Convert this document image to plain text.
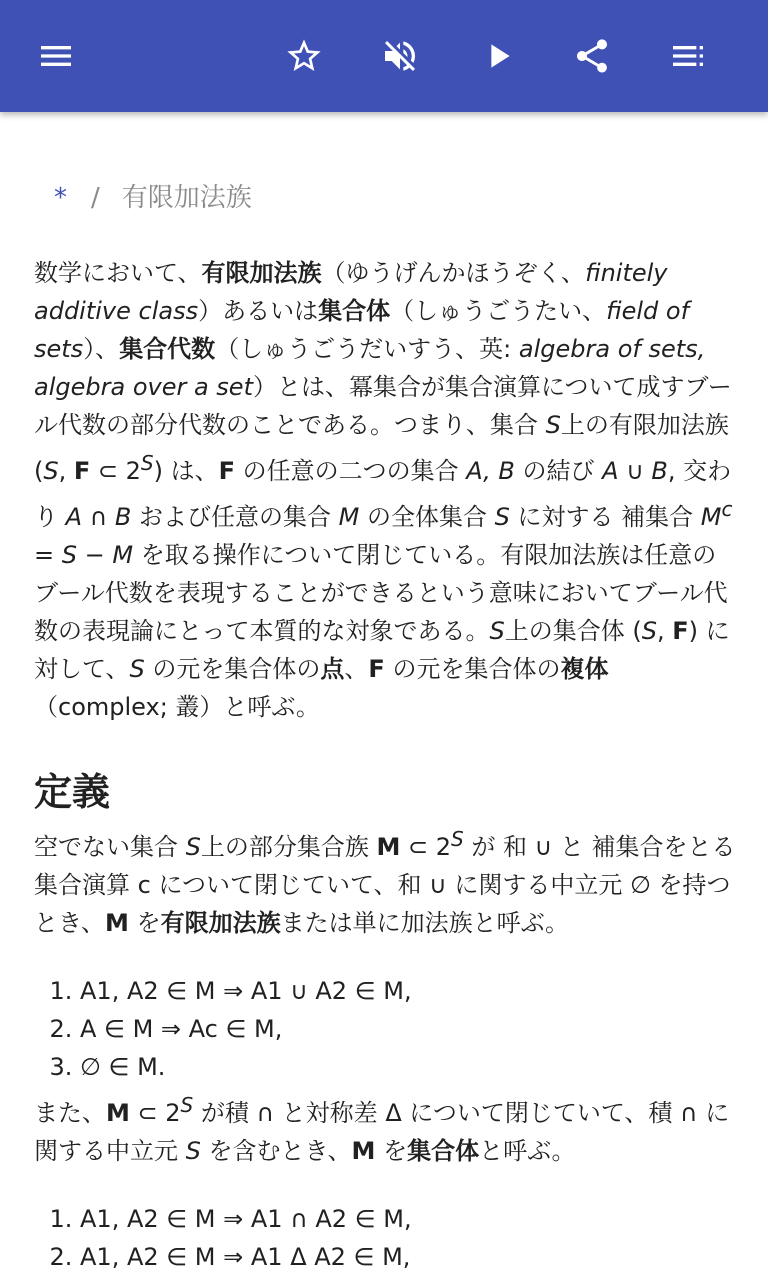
* / 有限加法族

数学において、有限加法族（ゆうげんかほうぞく、finitely additive class）あるいは集合体（しゅうごうたい、field of sets）、集合代数（しゅうごうだいすう、英: algebra of sets, algebra over a set）とは、冪集合が集合演算について成すブール代数の部分代数のことである。つまり、集合 S上の有限加法族 (S, F ⊂ $2^S$) は、F の任意の二つの集合 A, B の結び A ∪ B, 交わり A ∩ B および任意の集合 M の全体集合 S に対する 補集合 $M^c = S - M$ を取る操作について閉じている。有限加法族は任意のブール代数を表現することができるという意味においてブール代数の表現論にとって本質的な対象である。S上の集合体 (S, F) に対して、S の元を集合体の点、F の元を集合体の複体（complex; 叢）と呼ぶ。

定義

空でない集合 S上の部分集合族 M ⊂ $2^S$ が 和 ∪ と 補集合をとる集合演算 c について閉じていて、和 ∪ に関する中立元 ∅ を持つとき、M を有限加法族または単に加法族と呼ぶ。

1. A1, A2 ∈ M ⇒ A1 ∪ A2 ∈ M,
2. A ∈ M ⇒ Ac ∈ M,
3. ∅ ∈ M.

また、M ⊂ $2^S$ が積 ∩ と対称差 Δ について閉じていて、積 ∩ に関する中立元 S を含むとき、M を集合体と呼ぶ。

1. A1, A2 ∈ M ⇒ A1 ∩ A2 ∈ M,
2. A1, A2 ∈ M ⇒ A1 Δ A2 ∈ M,
